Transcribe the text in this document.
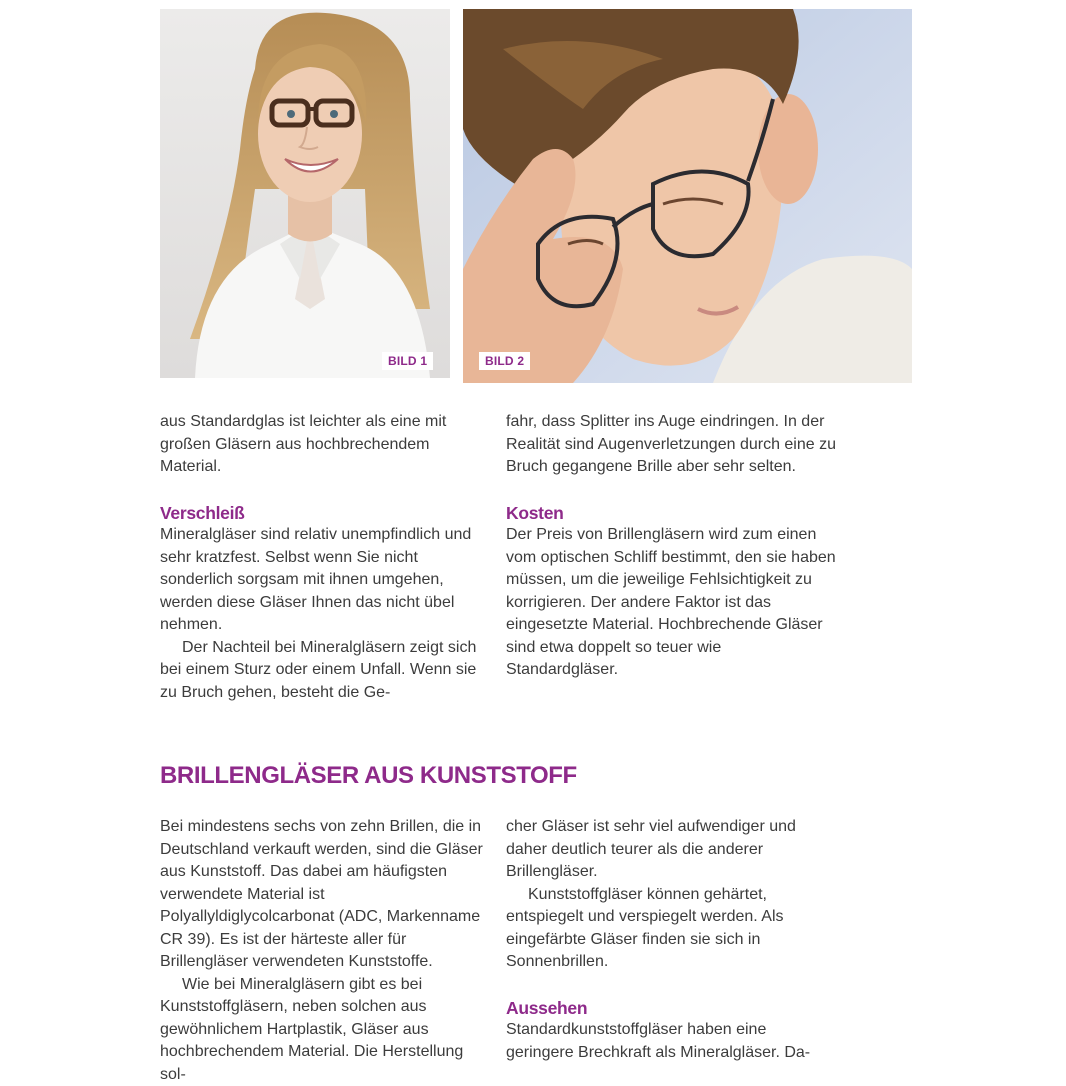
BILD 1	BILD 2

aus Standardglas ist leichter als eine mit großen Gläsern aus hochbrechendem Material.

Verschleiß

Mineralgläser sind relativ unempfindlich und sehr kratzfest. Selbst wenn Sie nicht sonderlich sorgsam mit ihnen umgehen, werden diese Gläser Ihnen das nicht übel nehmen.

Der Nachteil bei Mineralgläsern zeigt sich bei einem Sturz oder einem Unfall. Wenn sie zu Bruch gehen, besteht die Ge-

fahr, dass Splitter ins Auge eindringen. In der Realität sind Augenverletzungen durch eine zu Bruch gegangene Brille aber sehr selten.

Kosten

Der Preis von Brillengläsern wird zum einen vom optischen Schliff bestimmt, den sie haben müssen, um die jeweilige Fehlsichtigkeit zu korrigieren. Der andere Faktor ist das eingesetzte Material. Hochbrechende Gläser sind etwa doppelt so teuer wie Standardgläser.

BRILLENGLÄSER AUS KUNSTSTOFF

Bei mindestens sechs von zehn Brillen, die in Deutschland verkauft werden, sind die Gläser aus Kunststoff. Das dabei am häufigsten verwendete Material ist Polyallyldiglycolcarbonat (ADC, Markenname CR 39). Es ist der härteste aller für Brillengläser verwendeten Kunststoffe.

Wie bei Mineralgläsern gibt es bei Kunststoffgläsern, neben solchen aus gewöhnlichem Hartplastik, Gläser aus hochbrechendem Material. Die Herstellung sol-

cher Gläser ist sehr viel aufwendiger und daher deutlich teurer als die anderer Brillengläser.

Kunststoffgläser können gehärtet, entspiegelt und verspiegelt werden. Als eingefärbte Gläser finden sie sich in Sonnenbrillen.

Aussehen

Standardkunststoffgläser haben eine geringere Brechkraft als Mineralgläser. Da-
